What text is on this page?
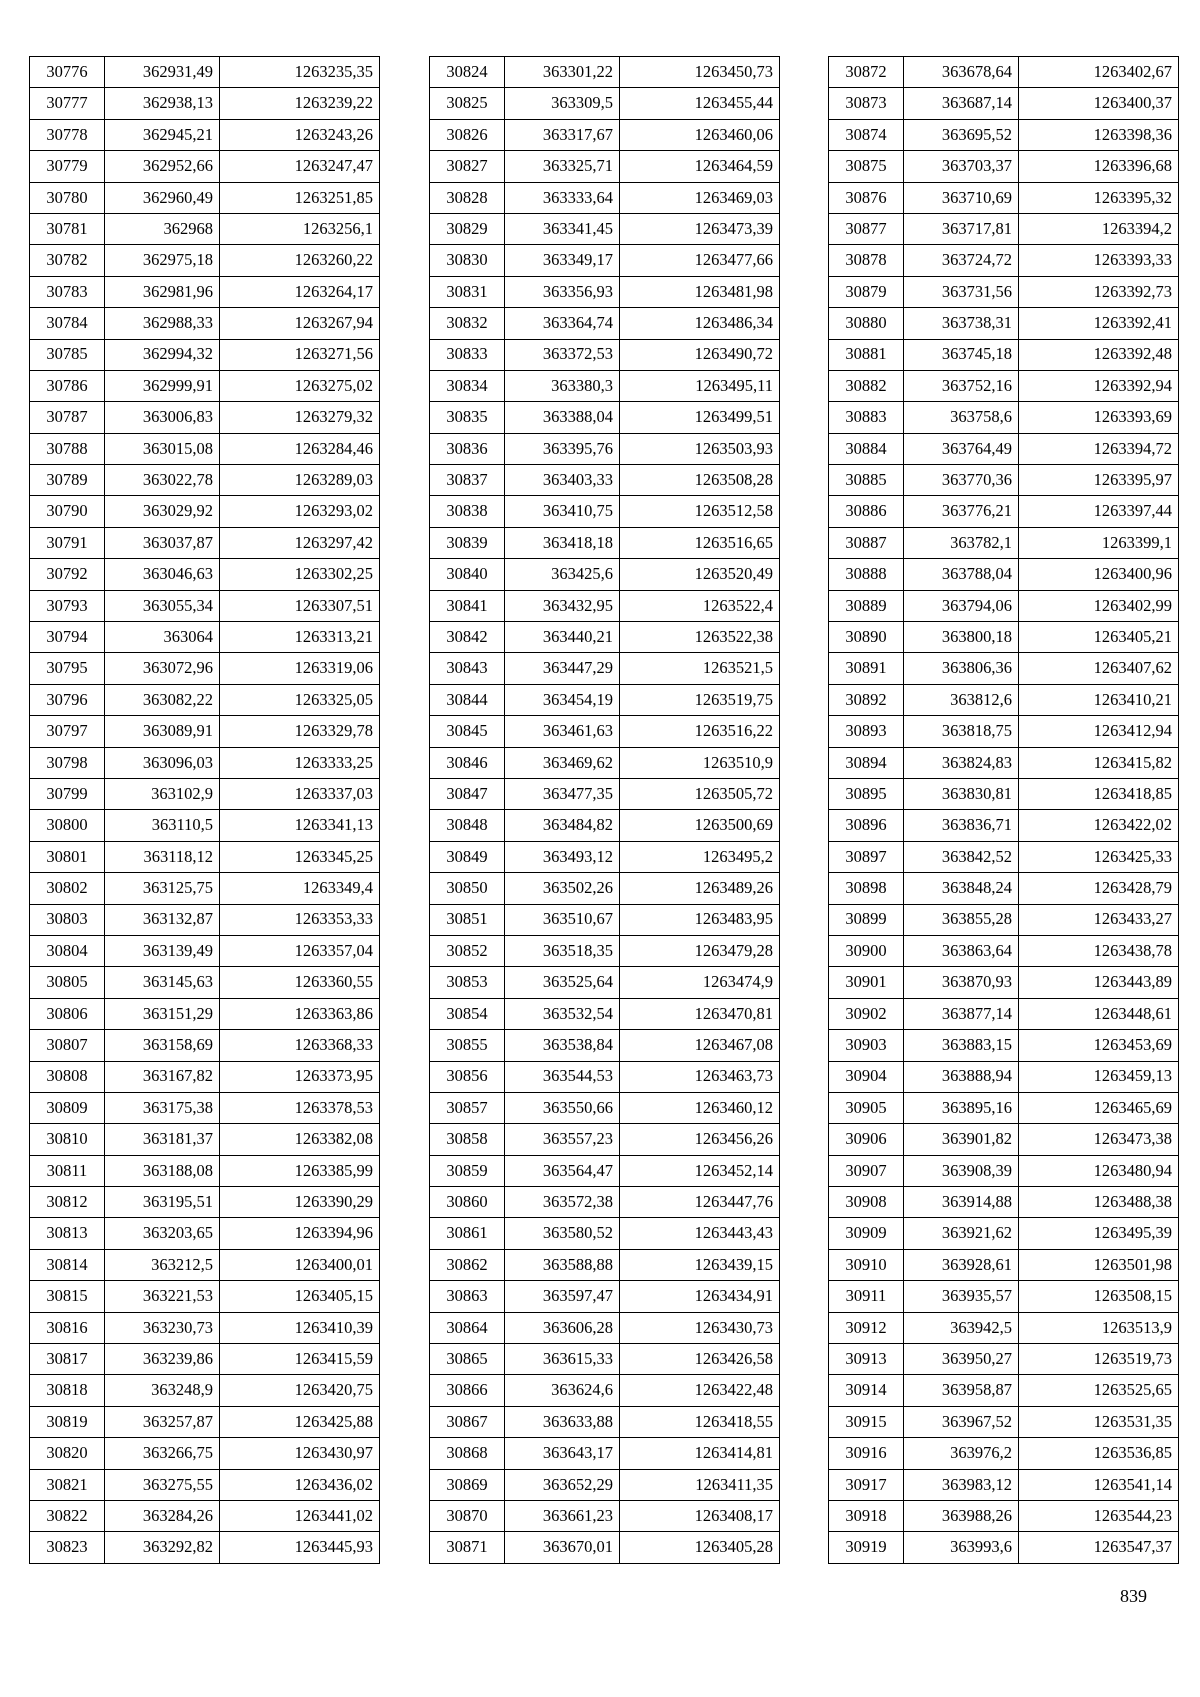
30776	362931,49	1263235,35
30777	362938,13	1263239,22
30778	362945,21	1263243,26
30779	362952,66	1263247,47
30780	362960,49	1263251,85
30781	362968	1263256,1
30782	362975,18	1263260,22
30783	362981,96	1263264,17
30784	362988,33	1263267,94
30785	362994,32	1263271,56
30786	362999,91	1263275,02
30787	363006,83	1263279,32
30788	363015,08	1263284,46
30789	363022,78	1263289,03
30790	363029,92	1263293,02
30791	363037,87	1263297,42
30792	363046,63	1263302,25
30793	363055,34	1263307,51
30794	363064	1263313,21
30795	363072,96	1263319,06
30796	363082,22	1263325,05
30797	363089,91	1263329,78
30798	363096,03	1263333,25
30799	363102,9	1263337,03
30800	363110,5	1263341,13
30801	363118,12	1263345,25
30802	363125,75	1263349,4
30803	363132,87	1263353,33
30804	363139,49	1263357,04
30805	363145,63	1263360,55
30806	363151,29	1263363,86
30807	363158,69	1263368,33
30808	363167,82	1263373,95
30809	363175,38	1263378,53
30810	363181,37	1263382,08
30811	363188,08	1263385,99
30812	363195,51	1263390,29
30813	363203,65	1263394,96
30814	363212,5	1263400,01
30815	363221,53	1263405,15
30816	363230,73	1263410,39
30817	363239,86	1263415,59
30818	363248,9	1263420,75
30819	363257,87	1263425,88
30820	363266,75	1263430,97
30821	363275,55	1263436,02
30822	363284,26	1263441,02
30823	363292,82	1263445,93
30824	363301,22	1263450,73
30825	363309,5	1263455,44
30826	363317,67	1263460,06
30827	363325,71	1263464,59
30828	363333,64	1263469,03
30829	363341,45	1263473,39
30830	363349,17	1263477,66
30831	363356,93	1263481,98
30832	363364,74	1263486,34
30833	363372,53	1263490,72
30834	363380,3	1263495,11
30835	363388,04	1263499,51
30836	363395,76	1263503,93
30837	363403,33	1263508,28
30838	363410,75	1263512,58
30839	363418,18	1263516,65
30840	363425,6	1263520,49
30841	363432,95	1263522,4
30842	363440,21	1263522,38
30843	363447,29	1263521,5
30844	363454,19	1263519,75
30845	363461,63	1263516,22
30846	363469,62	1263510,9
30847	363477,35	1263505,72
30848	363484,82	1263500,69
30849	363493,12	1263495,2
30850	363502,26	1263489,26
30851	363510,67	1263483,95
30852	363518,35	1263479,28
30853	363525,64	1263474,9
30854	363532,54	1263470,81
30855	363538,84	1263467,08
30856	363544,53	1263463,73
30857	363550,66	1263460,12
30858	363557,23	1263456,26
30859	363564,47	1263452,14
30860	363572,38	1263447,76
30861	363580,52	1263443,43
30862	363588,88	1263439,15
30863	363597,47	1263434,91
30864	363606,28	1263430,73
30865	363615,33	1263426,58
30866	363624,6	1263422,48
30867	363633,88	1263418,55
30868	363643,17	1263414,81
30869	363652,29	1263411,35
30870	363661,23	1263408,17
30871	363670,01	1263405,28
30872	363678,64	1263402,67
30873	363687,14	1263400,37
30874	363695,52	1263398,36
30875	363703,37	1263396,68
30876	363710,69	1263395,32
30877	363717,81	1263394,2
30878	363724,72	1263393,33
30879	363731,56	1263392,73
30880	363738,31	1263392,41
30881	363745,18	1263392,48
30882	363752,16	1263392,94
30883	363758,6	1263393,69
30884	363764,49	1263394,72
30885	363770,36	1263395,97
30886	363776,21	1263397,44
30887	363782,1	1263399,1
30888	363788,04	1263400,96
30889	363794,06	1263402,99
30890	363800,18	1263405,21
30891	363806,36	1263407,62
30892	363812,6	1263410,21
30893	363818,75	1263412,94
30894	363824,83	1263415,82
30895	363830,81	1263418,85
30896	363836,71	1263422,02
30897	363842,52	1263425,33
30898	363848,24	1263428,79
30899	363855,28	1263433,27
30900	363863,64	1263438,78
30901	363870,93	1263443,89
30902	363877,14	1263448,61
30903	363883,15	1263453,69
30904	363888,94	1263459,13
30905	363895,16	1263465,69
30906	363901,82	1263473,38
30907	363908,39	1263480,94
30908	363914,88	1263488,38
30909	363921,62	1263495,39
30910	363928,61	1263501,98
30911	363935,57	1263508,15
30912	363942,5	1263513,9
30913	363950,27	1263519,73
30914	363958,87	1263525,65
30915	363967,52	1263531,35
30916	363976,2	1263536,85
30917	363983,12	1263541,14
30918	363988,26	1263544,23
30919	363993,6	1263547,37
839
